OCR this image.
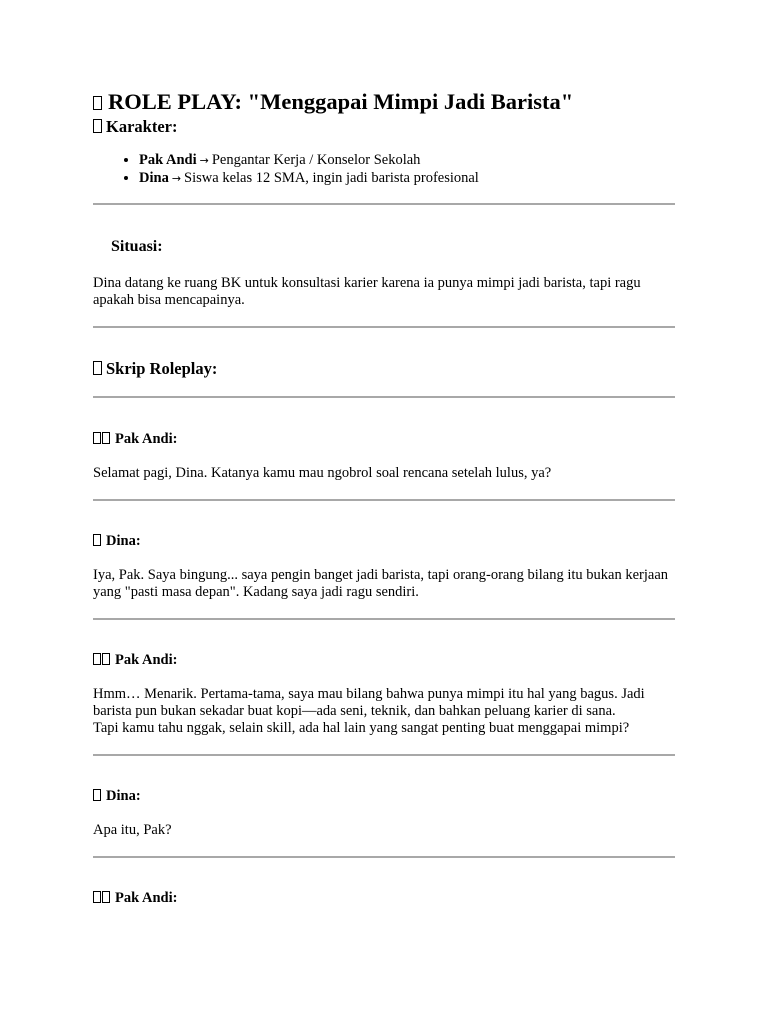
ROLE PLAY: "Menggapai Mimpi Jadi Barista"
Karakter:
• Pak Andi → Pengantar Kerja / Konselor Sekolah
• Dina → Siswa kelas 12 SMA, ingin jadi barista profesional
Situasi:

Dina datang ke ruang BK untuk konsultasi karier karena ia punya mimpi jadi barista, tapi ragu apakah bisa mencapainya.

Skrip Roleplay:
Pak Andi:

Selamat pagi, Dina. Katanya kamu mau ngobrol soal rencana setelah lulus, ya?

Dina:

Iya, Pak. Saya bingung... saya pengin banget jadi barista, tapi orang-orang bilang itu bukan kerjaan yang "pasti masa depan". Kadang saya jadi ragu sendiri.

Pak Andi:

Hmm… Menarik. Pertama-tama, saya mau bilang bahwa punya mimpi itu hal yang bagus. Jadi barista pun bukan sekadar buat kopi—ada seni, teknik, dan bahkan peluang karier di sana.

Tapi kamu tahu nggak, selain skill, ada hal lain yang sangat penting buat menggapai mimpi?

Dina:

Apa itu, Pak?

Pak Andi:
